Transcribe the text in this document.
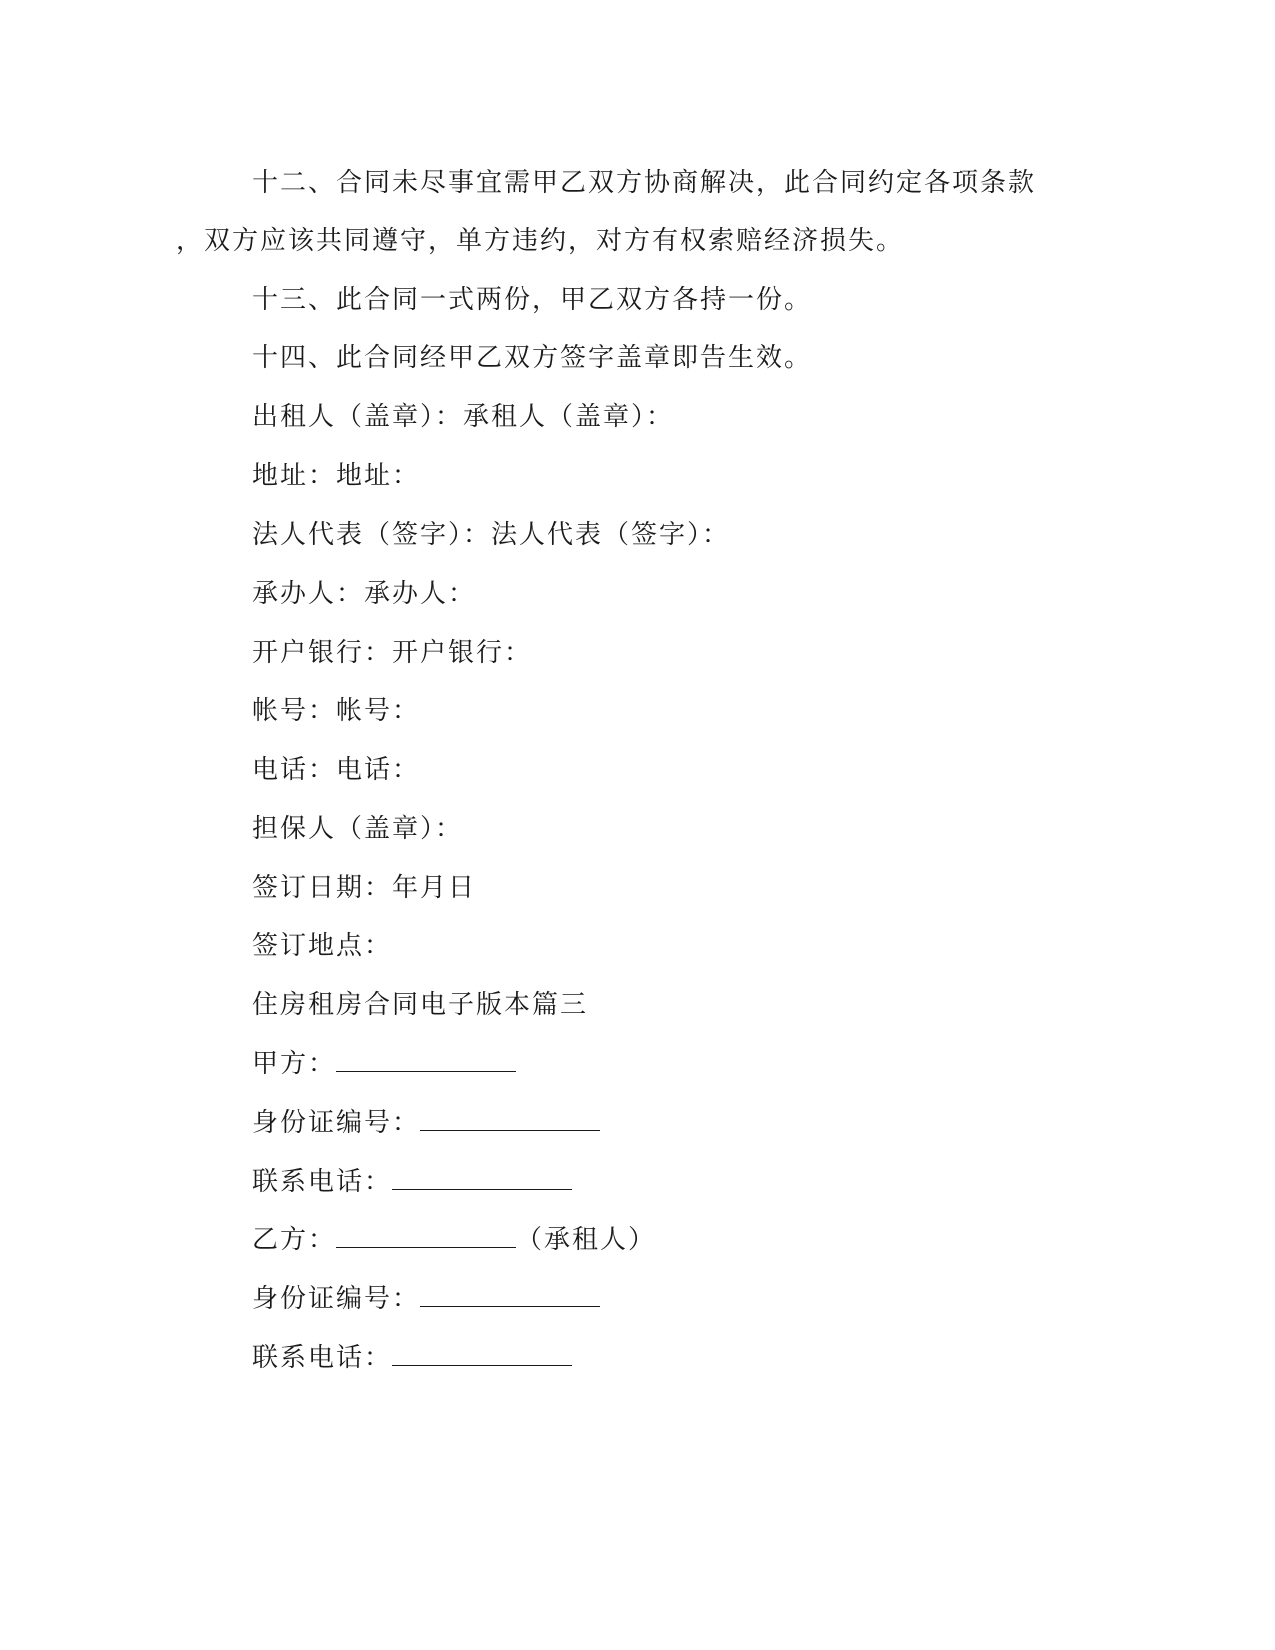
十二、合同未尽事宜需甲乙双方协商解决，此合同约定各项条款
，双方应该共同遵守，单方违约，对方有权索赔经济损失。
十三、此合同一式两份，甲乙双方各持一份。
十四、此合同经甲乙双方签字盖章即告生效。
出租人（盖章）：承租人（盖章）：
地址：地址：
法人代表（签字）：法人代表（签字）：
承办人：承办人：
开户银行：开户银行：
帐号：帐号：
电话：电话：
担保人（盖章）：
签订日期：年月日
签订地点：
住房租房合同电子版本篇三
甲方：
身份证编号：
联系电话：
乙方：	（承租人）
身份证编号：
联系电话：
